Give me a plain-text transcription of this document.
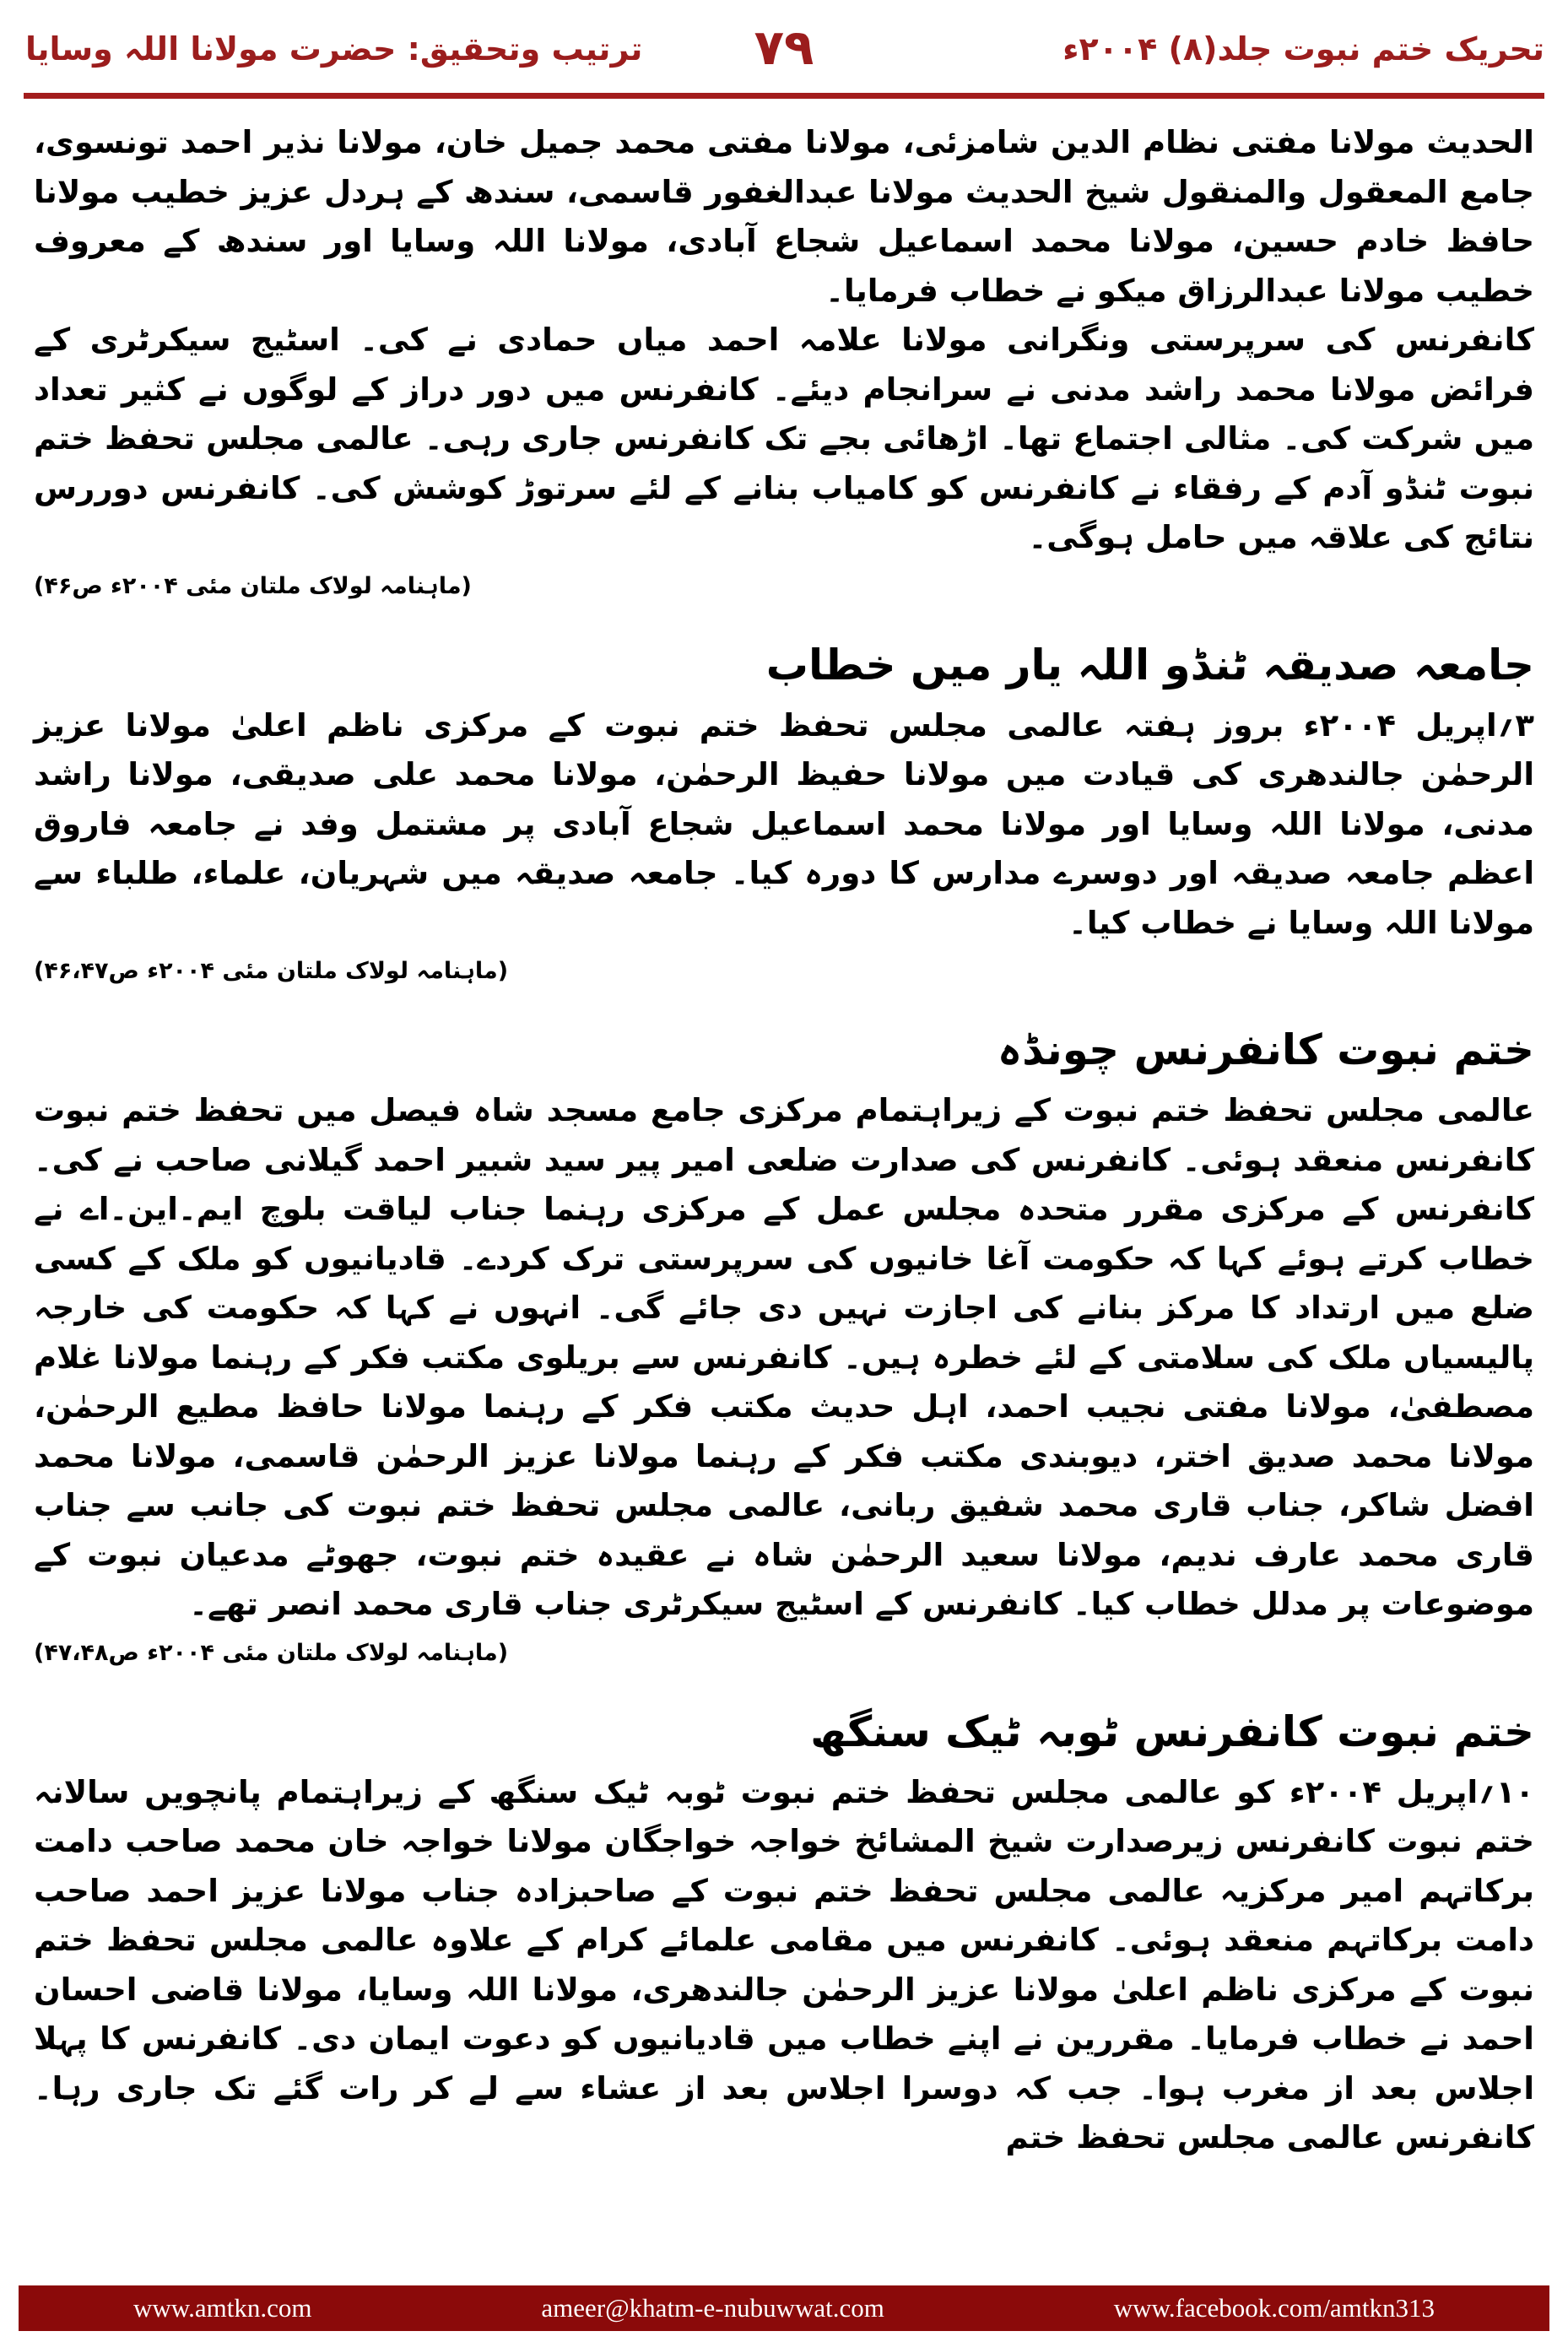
تحریک ختم نبوت جلد(۸) ۲۰۰۴ء
۷۹
ترتیب وتحقیق: حضرت مولانا اللہ وسایا

الحدیث مولانا مفتی نظام الدین شامزئی، مولانا مفتی محمد جمیل خان، مولانا نذیر احمد تونسوی، جامع المعقول والمنقول شیخ الحدیث مولانا عبدالغفور قاسمی، سندھ کے ہردل عزیز خطیب مولانا حافظ خادم حسین، مولانا محمد اسماعیل شجاع آبادی، مولانا اللہ وسایا اور سندھ کے معروف خطیب مولانا عبدالرزاق میکو نے خطاب فرمایا۔

کانفرنس کی سرپرستی ونگرانی مولانا علامہ احمد میاں حمادی نے کی۔ اسٹیج سیکرٹری کے فرائض مولانا محمد راشد مدنی نے سرانجام دیئے۔ کانفرنس میں دور دراز کے لوگوں نے کثیر تعداد میں شرکت کی۔ مثالی اجتماع تھا۔ اڑھائی بجے تک کانفرنس جاری رہی۔ عالمی مجلس تحفظ ختم نبوت ٹنڈو آدم کے رفقاء نے کانفرنس کو کامیاب بنانے کے لئے سرتوڑ کوشش کی۔ کانفرنس دوررس نتائج کی علاقہ میں حامل ہوگی۔

(ماہنامہ لولاک ملتان مئی ۲۰۰۴ء ص۴۶)
جامعہ صدیقہ ٹنڈو اللہ یار میں خطاب

۳؍اپریل ۲۰۰۴ء بروز ہفتہ عالمی مجلس تحفظ ختم نبوت کے مرکزی ناظم اعلیٰ مولانا عزیز الرحمٰن جالندھری کی قیادت میں مولانا حفیظ الرحمٰن، مولانا محمد علی صدیقی، مولانا راشد مدنی، مولانا اللہ وسایا اور مولانا محمد اسماعیل شجاع آبادی پر مشتمل وفد نے جامعہ فاروق اعظم جامعہ صدیقہ اور دوسرے مدارس کا دورہ کیا۔ جامعہ صدیقہ میں شہریان، علماء، طلباء سے مولانا اللہ وسایا نے خطاب کیا۔

(ماہنامہ لولاک ملتان مئی ۲۰۰۴ء ص۴۶،۴۷)
ختم نبوت کانفرنس چونڈہ

عالمی مجلس تحفظ ختم نبوت کے زیراہتمام مرکزی جامع مسجد شاہ فیصل میں تحفظ ختم نبوت کانفرنس منعقد ہوئی۔ کانفرنس کی صدارت ضلعی امیر پیر سید شبیر احمد گیلانی صاحب نے کی۔ کانفرنس کے مرکزی مقرر متحدہ مجلس عمل کے مرکزی رہنما جناب لیاقت بلوچ ایم۔این۔اے نے خطاب کرتے ہوئے کہا کہ حکومت آغا خانیوں کی سرپرستی ترک کردے۔ قادیانیوں کو ملک کے کسی ضلع میں ارتداد کا مرکز بنانے کی اجازت نہیں دی جائے گی۔ انہوں نے کہا کہ حکومت کی خارجہ پالیسیاں ملک کی سلامتی کے لئے خطرہ ہیں۔ کانفرنس سے بریلوی مکتب فکر کے رہنما مولانا غلام مصطفیٰ، مولانا مفتی نجیب احمد، اہل حدیث مکتب فکر کے رہنما مولانا حافظ مطیع الرحمٰن، مولانا محمد صدیق اختر، دیوبندی مکتب فکر کے رہنما مولانا عزیز الرحمٰن قاسمی، مولانا محمد افضل شاکر، جناب قاری محمد شفیق ربانی، عالمی مجلس تحفظ ختم نبوت کی جانب سے جناب قاری محمد عارف ندیم، مولانا سعید الرحمٰن شاہ نے عقیدہ ختم نبوت، جھوٹے مدعیان نبوت کے موضوعات پر مدلل خطاب کیا۔ کانفرنس کے اسٹیج سیکرٹری جناب قاری محمد انصر تھے۔

(ماہنامہ لولاک ملتان مئی ۲۰۰۴ء ص۴۷،۴۸)
ختم نبوت کانفرنس ٹوبہ ٹیک سنگھ

۱۰؍اپریل ۲۰۰۴ء کو عالمی مجلس تحفظ ختم نبوت ٹوبہ ٹیک سنگھ کے زیراہتمام پانچویں سالانہ ختم نبوت کانفرنس زیرصدارت شیخ المشائخ خواجہ خواجگان مولانا خواجہ خان محمد صاحب دامت برکاتہم امیر مرکزیہ عالمی مجلس تحفظ ختم نبوت کے صاحبزادہ جناب مولانا عزیز احمد صاحب دامت برکاتہم منعقد ہوئی۔ کانفرنس میں مقامی علمائے کرام کے علاوہ عالمی مجلس تحفظ ختم نبوت کے مرکزی ناظم اعلیٰ مولانا عزیز الرحمٰن جالندھری، مولانا اللہ وسایا، مولانا قاضی احسان احمد نے خطاب فرمایا۔ مقررین نے اپنے خطاب میں قادیانیوں کو دعوت ایمان دی۔ کانفرنس کا پہلا اجلاس بعد از مغرب ہوا۔ جب کہ دوسرا اجلاس بعد از عشاء سے لے کر رات گئے تک جاری رہا۔ کانفرنس عالمی مجلس تحفظ ختم

www.amtkn.com	ameer@khatm-e-nubuwwat.com	www.facebook.com/amtkn313
